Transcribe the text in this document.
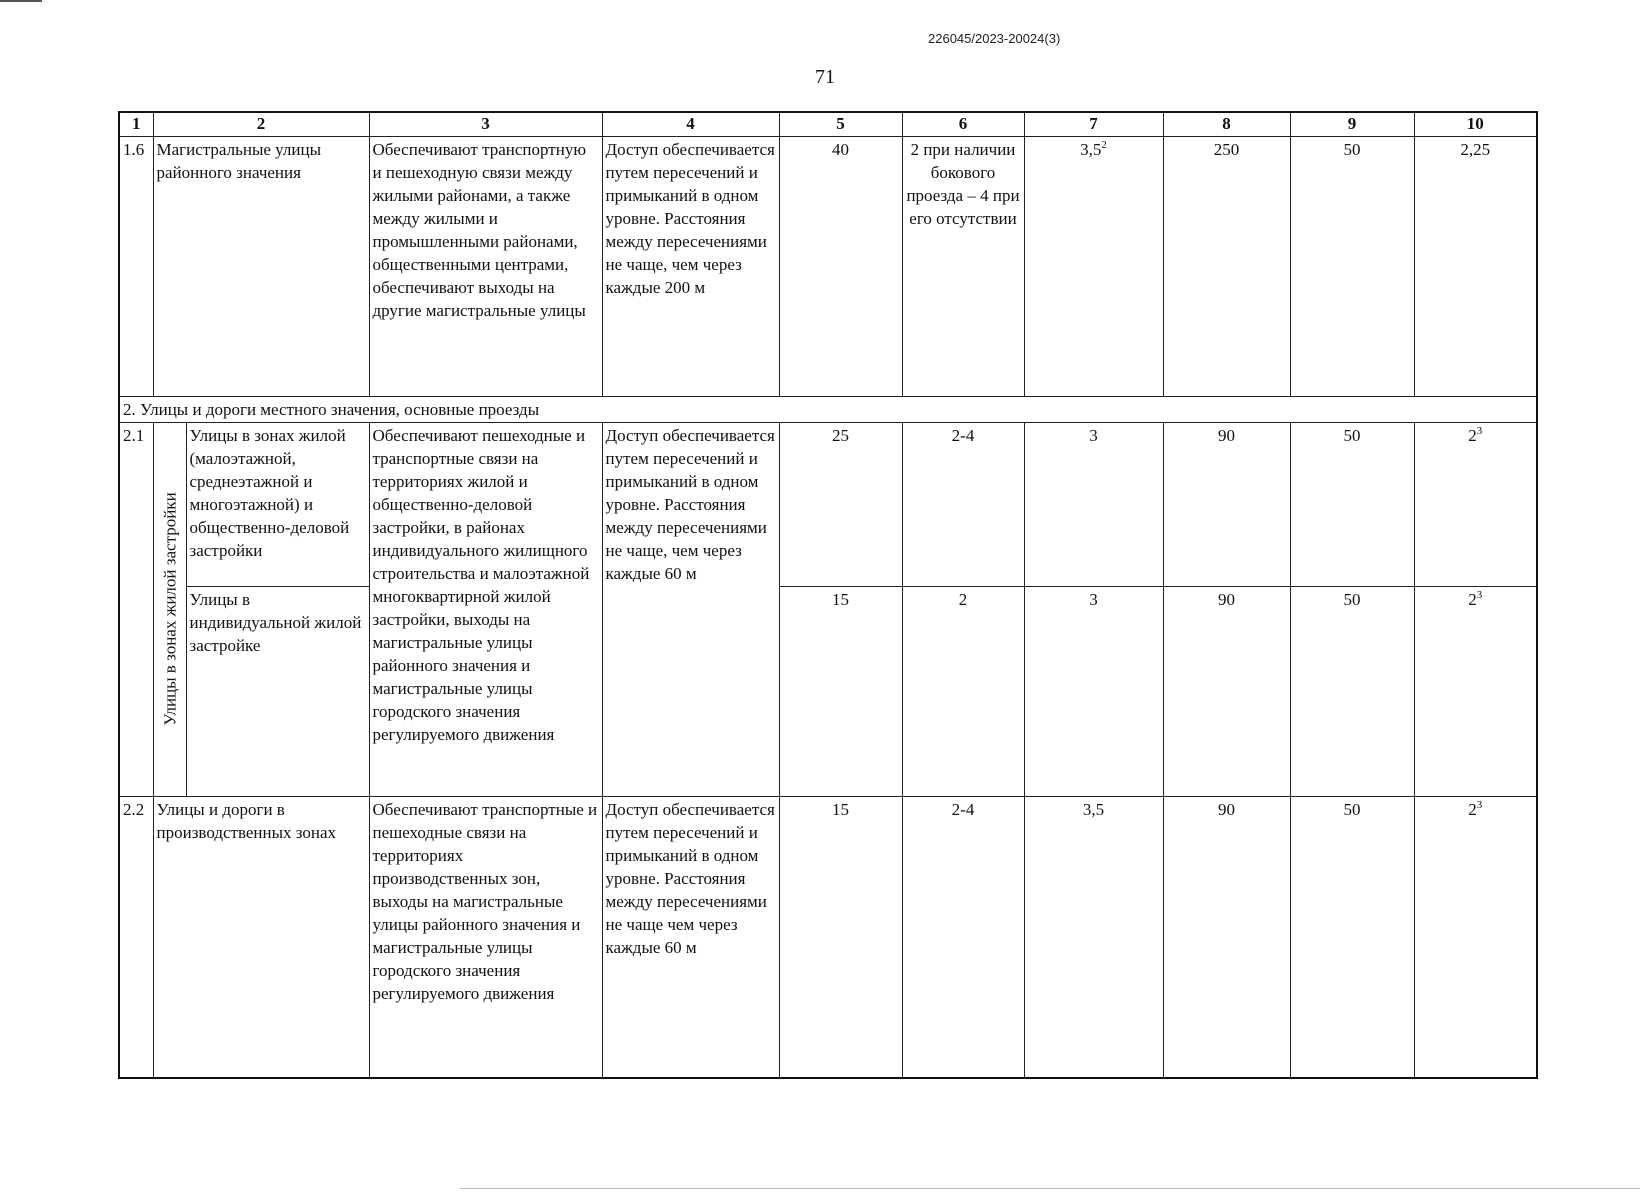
226045/2023-20024(3)
71
1	2		3	4	5	6	7	8	9	10
1.6	Магистральные улицы районного значения		Обеспечивают транспортную и пешеходную связи между жилыми районами, а также между жилыми и промышленными районами, общественными центрами, обеспечивают выходы на другие магистральные улицы	Доступ обеспечивается путем пересечений и примыканий в одном уровне. Расстояния между пересечениями не чаще, чем через каждые 200 м	40	2 при наличии бокового проезда – 4 при его отсутствии	$3,5^2$	250	50	2,25
2. Улицы и дороги местного значения, основные проезды										
2.1	Улицы в зонах жилой застройки	Улицы в зонах жилой (малоэтажной, среднеэтажной и многоэтажной) и общественно-деловой застройки	Обеспечивают пешеходные и транспортные связи на территориях жилой и общественно-деловой застройки, в районах индивидуального жилищного строительства и малоэтажной многоквартирной жилой застройки, выходы на магистральные улицы районного значения и магистральные улицы городского значения регулируемого движения	Доступ обеспечивается путем пересечений и примыканий в одном уровне. Расстояния между пересечениями не чаще, чем через каждые 60 м	25	2-4	3	90	50	$2^3$
		Улицы в индивидуальной жилой застройке			15	2	3	90	50	$2^3$
2.2	Улицы и дороги в производственных зонах		Обеспечивают транспортные и пешеходные связи на территориях производственных зон, выходы на магистральные улицы районного значения и магистральные улицы городского значения регулируемого движения	Доступ обеспечивается путем пересечений и примыканий в одном уровне. Расстояния между пересечениями не чаще чем через каждые 60 м	15	2-4	3,5	90	50	$2^3$
